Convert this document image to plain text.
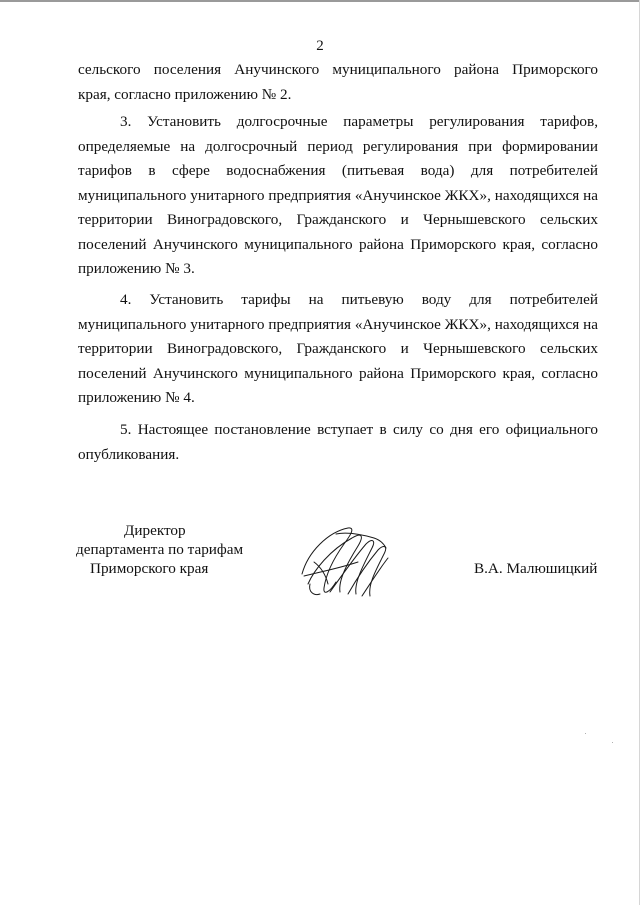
2
сельского поселения Анучинского муниципального района Приморского
края, согласно приложению № 2.
3. Установить долгосрочные параметры регулирования тарифов,
определяемые на долгосрочный период регулирования при формировании
тарифов в сфере водоснабжения (питьевая вода) для потребителей
муниципального унитарного предприятия «Анучинское ЖКХ», находящихся на
территории Виноградовского, Гражданского и Чернышевского сельских
поселений Анучинского муниципального района Приморского края, согласно
приложению № 3.
4. Установить тарифы на питьевую воду для потребителей
муниципального унитарного предприятия «Анучинское ЖКХ», находящихся на
территории Виноградовского, Гражданского и Чернышевского сельских
поселений Анучинского муниципального района Приморского края, согласно
приложению № 4.
5. Настоящее постановление вступает в силу со дня его официального
опубликования.
Директор
департамента по тарифам
Приморского края	В.А. Малюшицкий
